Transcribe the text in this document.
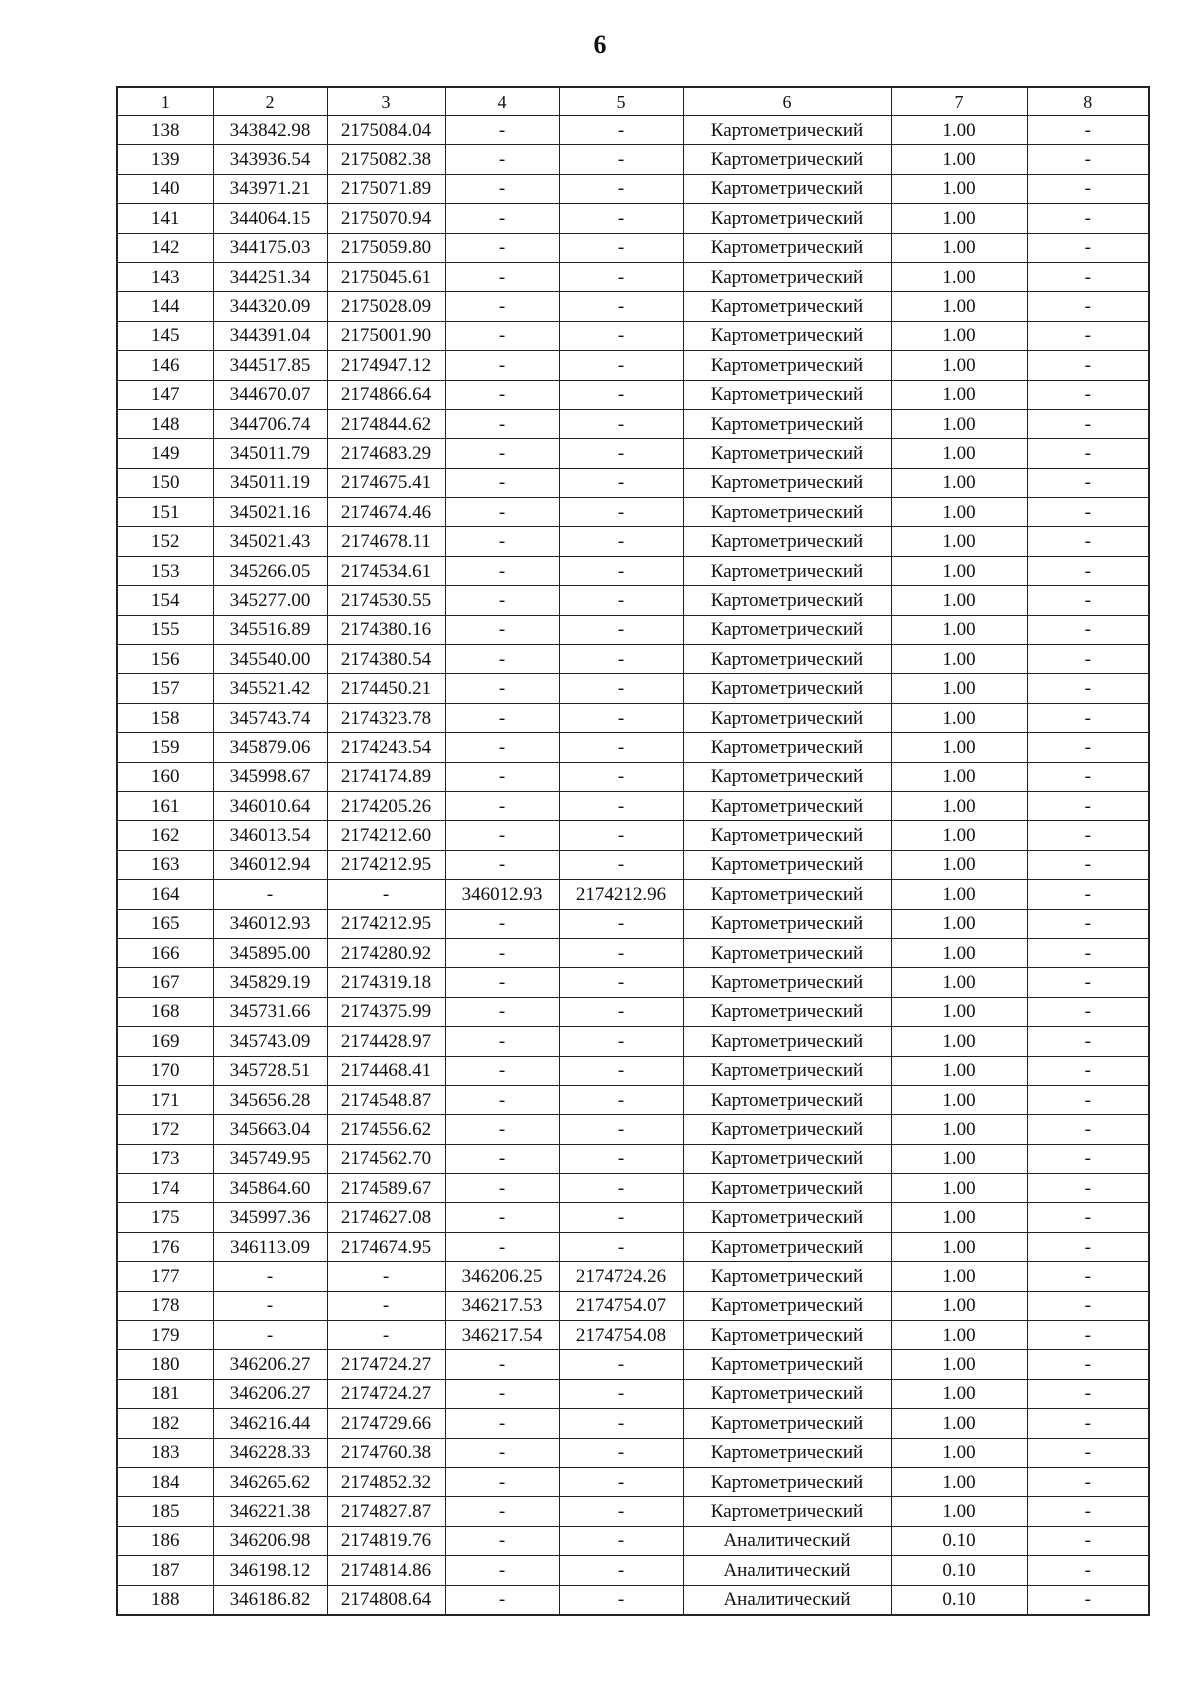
6
1	2	3	4	5	6	7	8
138	343842.98	2175084.04	-	-	Картометрический	1.00	-
139	343936.54	2175082.38	-	-	Картометрический	1.00	-
140	343971.21	2175071.89	-	-	Картометрический	1.00	-
141	344064.15	2175070.94	-	-	Картометрический	1.00	-
142	344175.03	2175059.80	-	-	Картометрический	1.00	-
143	344251.34	2175045.61	-	-	Картометрический	1.00	-
144	344320.09	2175028.09	-	-	Картометрический	1.00	-
145	344391.04	2175001.90	-	-	Картометрический	1.00	-
146	344517.85	2174947.12	-	-	Картометрический	1.00	-
147	344670.07	2174866.64	-	-	Картометрический	1.00	-
148	344706.74	2174844.62	-	-	Картометрический	1.00	-
149	345011.79	2174683.29	-	-	Картометрический	1.00	-
150	345011.19	2174675.41	-	-	Картометрический	1.00	-
151	345021.16	2174674.46	-	-	Картометрический	1.00	-
152	345021.43	2174678.11	-	-	Картометрический	1.00	-
153	345266.05	2174534.61	-	-	Картометрический	1.00	-
154	345277.00	2174530.55	-	-	Картометрический	1.00	-
155	345516.89	2174380.16	-	-	Картометрический	1.00	-
156	345540.00	2174380.54	-	-	Картометрический	1.00	-
157	345521.42	2174450.21	-	-	Картометрический	1.00	-
158	345743.74	2174323.78	-	-	Картометрический	1.00	-
159	345879.06	2174243.54	-	-	Картометрический	1.00	-
160	345998.67	2174174.89	-	-	Картометрический	1.00	-
161	346010.64	2174205.26	-	-	Картометрический	1.00	-
162	346013.54	2174212.60	-	-	Картометрический	1.00	-
163	346012.94	2174212.95	-	-	Картометрический	1.00	-
164	-	-	346012.93	2174212.96	Картометрический	1.00	-
165	346012.93	2174212.95	-	-	Картометрический	1.00	-
166	345895.00	2174280.92	-	-	Картометрический	1.00	-
167	345829.19	2174319.18	-	-	Картометрический	1.00	-
168	345731.66	2174375.99	-	-	Картометрический	1.00	-
169	345743.09	2174428.97	-	-	Картометрический	1.00	-
170	345728.51	2174468.41	-	-	Картометрический	1.00	-
171	345656.28	2174548.87	-	-	Картометрический	1.00	-
172	345663.04	2174556.62	-	-	Картометрический	1.00	-
173	345749.95	2174562.70	-	-	Картометрический	1.00	-
174	345864.60	2174589.67	-	-	Картометрический	1.00	-
175	345997.36	2174627.08	-	-	Картометрический	1.00	-
176	346113.09	2174674.95	-	-	Картометрический	1.00	-
177	-	-	346206.25	2174724.26	Картометрический	1.00	-
178	-	-	346217.53	2174754.07	Картометрический	1.00	-
179	-	-	346217.54	2174754.08	Картометрический	1.00	-
180	346206.27	2174724.27	-	-	Картометрический	1.00	-
181	346206.27	2174724.27	-	-	Картометрический	1.00	-
182	346216.44	2174729.66	-	-	Картометрический	1.00	-
183	346228.33	2174760.38	-	-	Картометрический	1.00	-
184	346265.62	2174852.32	-	-	Картометрический	1.00	-
185	346221.38	2174827.87	-	-	Картометрический	1.00	-
186	346206.98	2174819.76	-	-	Аналитический	0.10	-
187	346198.12	2174814.86	-	-	Аналитический	0.10	-
188	346186.82	2174808.64	-	-	Аналитический	0.10	-
